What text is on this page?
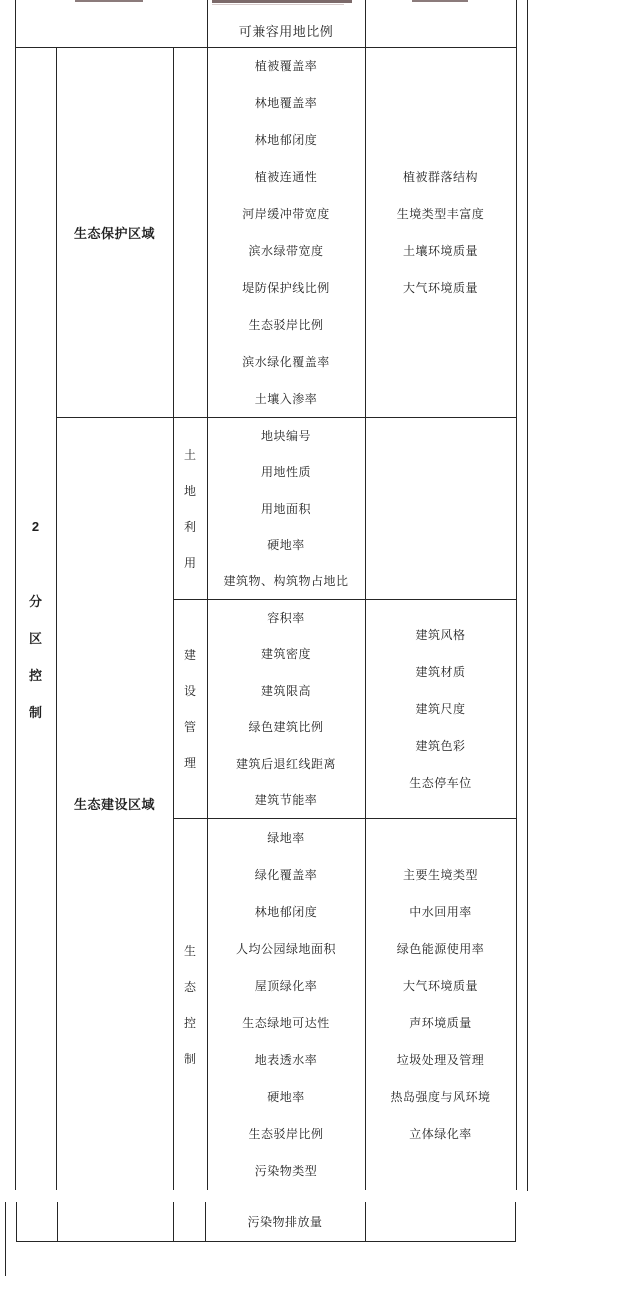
可兼容用地比例
2
分
区
控
制
生态保护区域
生态建设区域
土
地
利
用
建
设
管
理
生
态
控
制
植被覆盖率
林地覆盖率
林地郁闭度
植被连通性
河岸缓冲带宽度
滨水绿带宽度
堤防保护线比例
生态驳岸比例
滨水绿化覆盖率
土壤入渗率
地块编号
用地性质
用地面积
硬地率
建筑物、构筑物占地比
容积率
建筑密度
建筑限高
绿色建筑比例
建筑后退红线距离
建筑节能率
绿地率
绿化覆盖率
林地郁闭度
人均公园绿地面积
屋顶绿化率
生态绿地可达性
地表透水率
硬地率
生态驳岸比例
污染物类型
植被群落结构
生境类型丰富度
土壤环境质量
大气环境质量
建筑风格
建筑材质
建筑尺度
建筑色彩
生态停车位
主要生境类型
中水回用率
绿色能源使用率
大气环境质量
声环境质量
垃圾处理及管理
热岛强度与风环境
立体绿化率
污染物排放量
